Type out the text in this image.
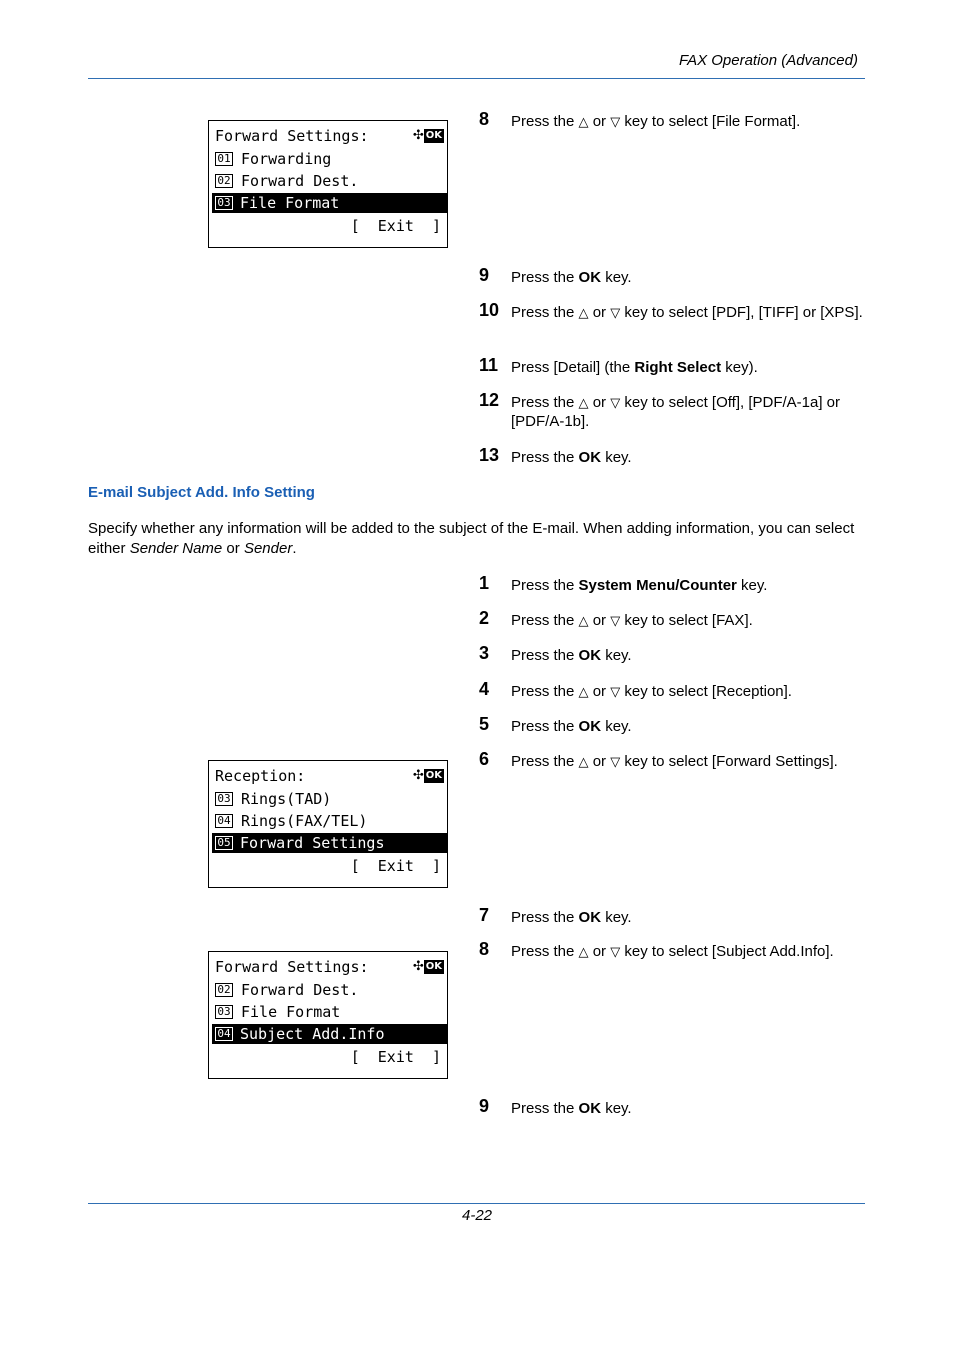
FAX Operation (Advanced)
Forward Settings:	✣ OK
01 Forwarding
02 Forward Dest.
03 File Format
[  Exit  ]
8	Press the △ or ▽ key to select [File Format].
9	Press the OK key.
10 Press the △ or ▽ key to select [PDF], [TIFF] or [XPS].
11 Press [Detail] (the Right Select key).
12 Press the △ or ▽ key to select [Off], [PDF/A-1a] or [PDF/A-1b].
13 Press the OK key.
E-mail Subject Add. Info Setting
Specify whether any information will be added to the subject of the E-mail. When adding information, you can select either Sender Name or Sender.
1	Press the System Menu/Counter key.
2	Press the △ or ▽ key to select [FAX].
3	Press the OK key.
4	Press the △ or ▽ key to select [Reception].
5	Press the OK key.
6	Press the △ or ▽ key to select [Forward Settings].
Reception:	✣ OK
03 Rings(TAD)
04 Rings(FAX/TEL)
05 Forward Settings
[  Exit  ]
7	Press the OK key.
8	Press the △ or ▽ key to select [Subject Add.Info].
Forward Settings:	✣ OK
02 Forward Dest.
03 File Format
04 Subject Add.Info
[  Exit  ]
9	Press the OK key.
4-22
